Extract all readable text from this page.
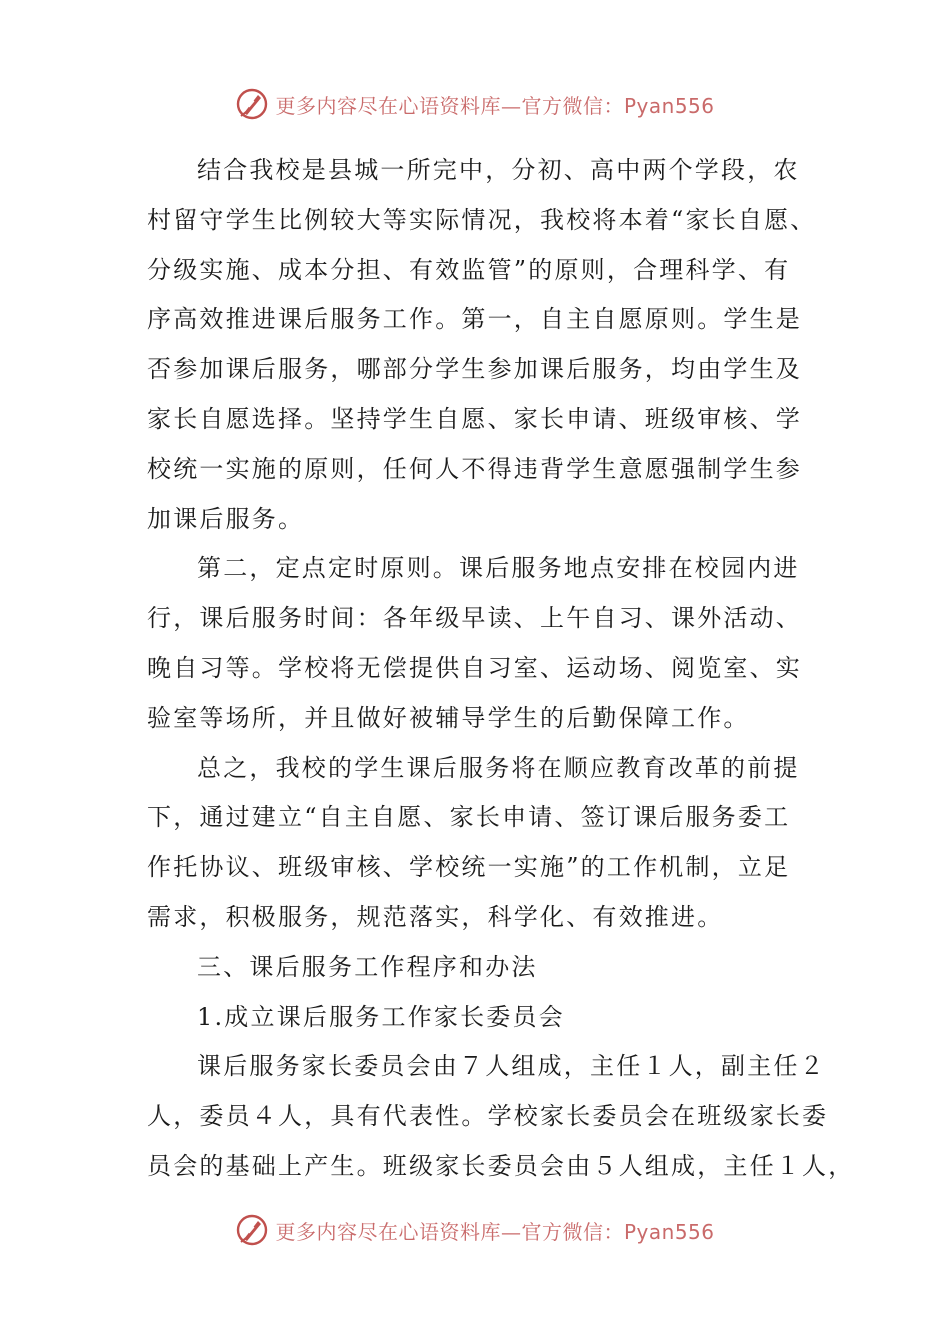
更多内容尽在心语资料库—官方微信：Pyan556
结合我校是县城一所完中，分初、高中两个学段，农
村留守学生比例较大等实际情况，我校将本着“家长自愿、
分级实施、成本分担、有效监管”的原则，合理科学、有
序高效推进课后服务工作。第一，自主自愿原则。学生是
否参加课后服务，哪部分学生参加课后服务，均由学生及
家长自愿选择。坚持学生自愿、家长申请、班级审核、学
校统一实施的原则，任何人不得违背学生意愿强制学生参
加课后服务。
第二，定点定时原则。课后服务地点安排在校园内进
行，课后服务时间：各年级早读、上午自习、课外活动、
晚自习等。学校将无偿提供自习室、运动场、阅览室、实
验室等场所，并且做好被辅导学生的后勤保障工作。
总之，我校的学生课后服务将在顺应教育改革的前提
下，通过建立“自主自愿、家长申请、签订课后服务委工
作托协议、班级审核、学校统一实施”的工作机制，立足
需求，积极服务，规范落实，科学化、有效推进。
三、课后服务工作程序和办法
1.成立课后服务工作家长委员会
课后服务家长委员会由７人组成，主任１人，副主任２
人，委员４人，具有代表性。学校家长委员会在班级家长委
员会的基础上产生。班级家长委员会由５人组成，主任１人，
更多内容尽在心语资料库—官方微信：Pyan556
